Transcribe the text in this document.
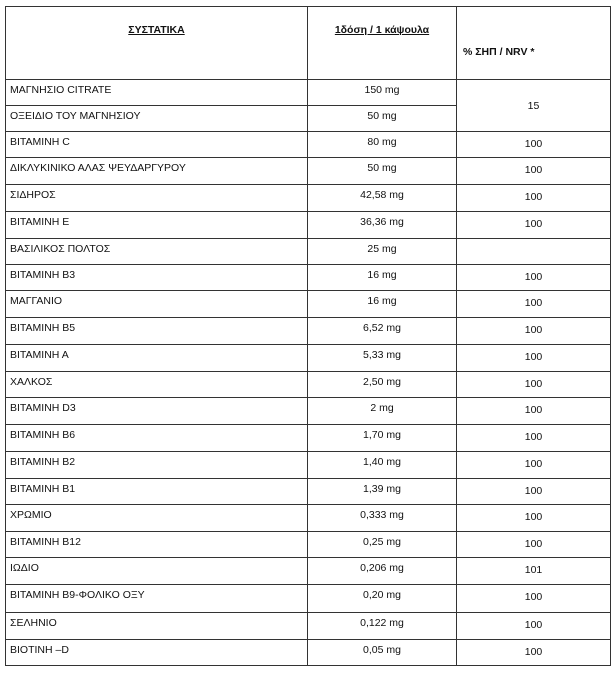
ΣΥΣΤΑΤΙΚΑ	1δόση / 1 κάψουλα	% ΣΗΠ / NRV *
ΜΑΓΝΗΣΙΟ CITRATE	150 mg	15
ΟΞΕΙΔΙΟ ΤΟΥ ΜΑΓΝΗΣΙΟΥ	50 mg	
ΒΙΤΑΜΙΝΗ C	80 mg	100
ΔΙΚΛΥΚΙΝΙΚΟ ΑΛΑΣ ΨΕΥΔΑΡΓΥΡΟΥ	50 mg	100
ΣΙΔΗΡΟΣ	42,58 mg	100
ΒΙΤΑΜΙΝΗ Ε	36,36 mg	100
ΒΑΣΙΛΙΚΟΣ ΠΟΛΤΟΣ	25 mg	
ΒΙΤΑΜΙΝΗ Β3	16 mg	100
ΜΑΓΓΑΝΙΟ	16 mg	100
ΒΙΤΑΜΙΝΗ Β5	6,52 mg	100
ΒΙΤΑΜΙΝΗ Α	5,33 mg	100
ΧΑΛΚΟΣ	2,50 mg	100
ΒΙΤΑΜΙΝΗ D3	2 mg	100
ΒΙΤΑΜΙΝΗ Β6	1,70 mg	100
ΒΙΤΑΜΙΝΗ Β2	1,40 mg	100
ΒΙΤΑΜΙΝΗ Β1	1,39 mg	100
ΧΡΩΜΙΟ	0,333 mg	100
ΒΙΤΑΜΙΝΗ Β12	0,25 mg	100
ΙΩΔΙΟ	0,206 mg	101
ΒΙΤΑΜΙΝΗ Β9-ΦΟΛΙΚΟ ΟΞΥ	0,20 mg	100
ΣΕΛΗΝΙΟ	0,122 mg	100
ΒΙΟΤΙΝΗ –D	0,05 mg	100
